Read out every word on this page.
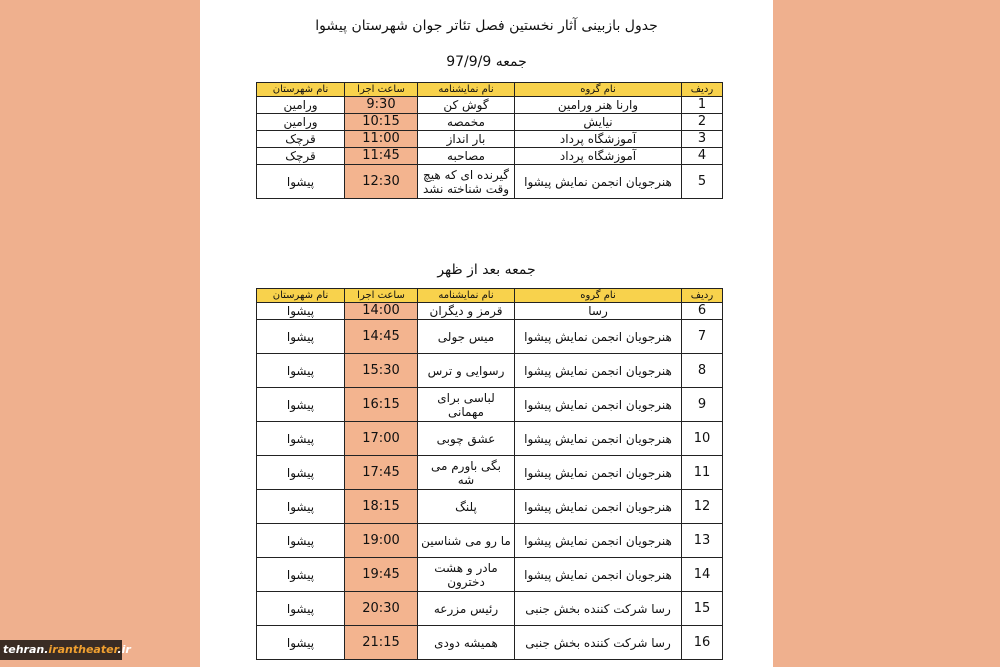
جدول بازبینی آثار نخستین فصل تئاتر جوان شهرستان پیشوا
جمعه 97/9/9
ردیف	نام گروه	نام نمایشنامه	ساعت اجرا	نام شهرستان
1	وارنا هنر ورامین	گوش کن	9:30	ورامین
2	نیایش	مخمصه	10:15	ورامین
3	آموزشگاه پرداد	بار انداز	11:00	قرچک
4	آموزشگاه پرداد	مصاحبه	11:45	قرچک
5	هنرجویان انجمن نمایش پیشوا	گیرنده ای که هیچ وقت شناخته نشد	12:30	پیشوا
جمعه بعد از ظهر
ردیف	نام گروه	نام نمایشنامه	ساعت اجرا	نام شهرستان
6	رسا	قرمز و دیگران	14:00	پیشوا
7	هنرجویان انجمن نمایش پیشوا	میس جولی	14:45	پیشوا
8	هنرجویان انجمن نمایش پیشوا	رسوایی و ترس	15:30	پیشوا
9	هنرجویان انجمن نمایش پیشوا	لباسی برای مهمانی	16:15	پیشوا
10	هنرجویان انجمن نمایش پیشوا	عشق چوبی	17:00	پیشوا
11	هنرجویان انجمن نمایش پیشوا	بگی باورم می شه	17:45	پیشوا
12	هنرجویان انجمن نمایش پیشوا	پلنگ	18:15	پیشوا
13	هنرجویان انجمن نمایش پیشوا	ما رو می شناسین	19:00	پیشوا
14	هنرجویان انجمن نمایش پیشوا	مادر و هشت دخترون	19:45	پیشوا
15	رسا شرکت کننده بخش جنبی	رئیس مزرعه	20:30	پیشوا
16	رسا شرکت کننده بخش جنبی	همیشه دودی	21:15	پیشوا
tehran.irantheater.ir
